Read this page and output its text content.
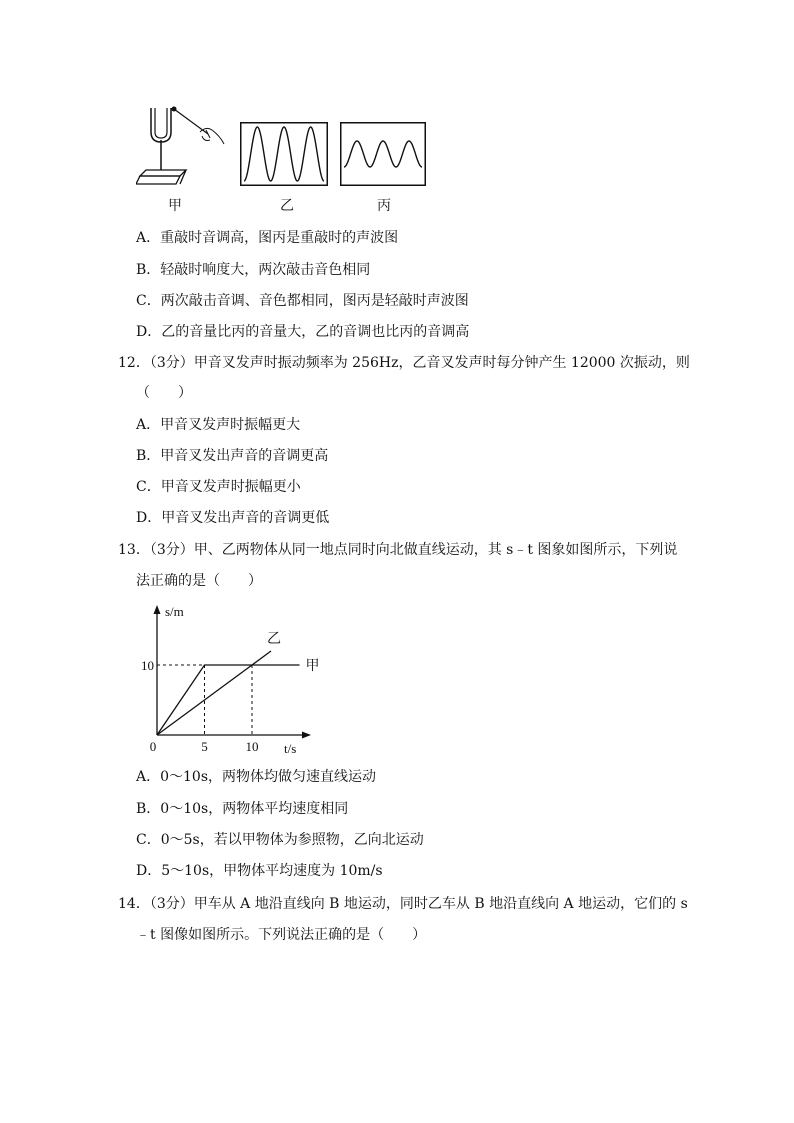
甲	乙	丙
A．重敲时音调高，图丙是重敲时的声波图
B．轻敲时响度大，两次敲击音色相同
C．两次敲击音调、音色都相同，图丙是轻敲时声波图
D．乙的音量比丙的音量大，乙的音调也比丙的音调高
12．（3分）甲音叉发声时振动频率为 256Hz，乙音叉发声时每分钟产生 12000 次振动，则
（　　）
A．甲音叉发声时振幅更大
B．甲音叉发出声音的音调更高
C．甲音叉发声时振幅更小
D．甲音叉发出声音的音调更低
13．（3分）甲、乙两物体从同一地点同时向北做直线运动，其 s﹣t 图象如图所示，下列说
法正确的是（　　）
甲
乙
0	5	10
10
s/m
t/s
A．0～10s，两物体均做匀速直线运动
B．0～10s，两物体平均速度相同
C．0～5s，若以甲物体为参照物，乙向北运动
D．5～10s，甲物体平均速度为 10m/s
14．（3分）甲车从 A 地沿直线向 B 地运动，同时乙车从 B 地沿直线向 A 地运动，它们的 s
﹣t 图像如图所示。下列说法正确的是（　　）
